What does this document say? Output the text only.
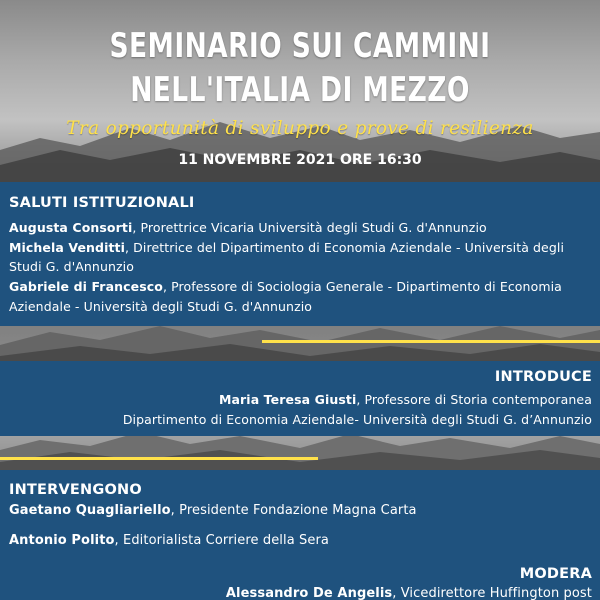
SEMINARIO SUI CAMMINI
NELL'ITALIA DI MEZZO
Tra opportunità di sviluppo e prove di resilienza
11 NOVEMBRE 2021 ORE 16:30
SALUTI ISTITUZIONALI
Augusta Consorti, Prorettrice Vicaria Università degli Studi G. d'Annunzio
Michela Venditti, Direttrice del Dipartimento di Economia Aziendale - Università degli
Studi G. d'Annunzio
Gabriele di Francesco, Professore di Sociologia Generale - Dipartimento di Economia
Aziendale - Università degli Studi G. d'Annunzio
INTRODUCE
Maria Teresa Giusti, Professore di Storia contemporanea
Dipartimento di Economia Aziendale- Università degli Studi G. d’Annunzio
INTERVENGONO
Gaetano Quagliariello, Presidente Fondazione Magna Carta
Antonio Polito, Editorialista Corriere della Sera
MODERA
Alessandro De Angelis, Vicedirettore Huffington post
